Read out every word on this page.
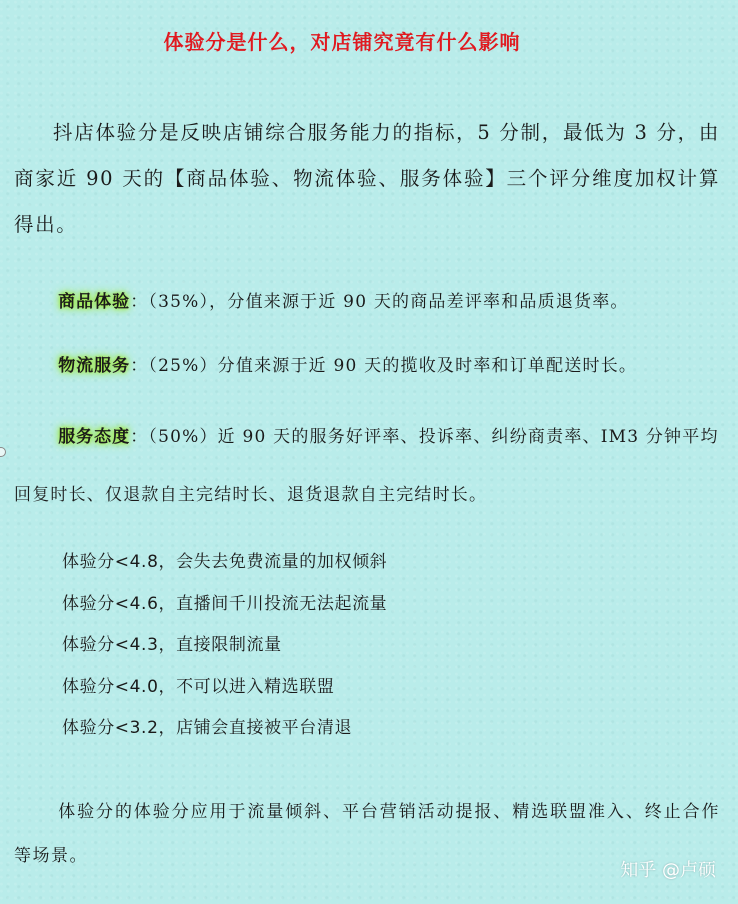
体验分是什么，对店铺究竟有什么影响
抖店体验分是反映店铺综合服务能力的指标，5 分制，最低为 3 分，由商家近 90 天的【商品体验、物流体验、服务体验】三个评分维度加权计算得出。
商品体验：（35%），分值来源于近 90 天的商品差评率和品质退货率。
物流服务：（25%）分值来源于近 90 天的揽收及时率和订单配送时长。
服务态度：（50%）近 90 天的服务好评率、投诉率、纠纷商责率、IM3 分钟平均回复时长、仅退款自主完结时长、退货退款自主完结时长。
体验分<4.8，会失去免费流量的加权倾斜
体验分<4.6，直播间千川投流无法起流量
体验分<4.3，直接限制流量
体验分<4.0，不可以进入精选联盟
体验分<3.2，店铺会直接被平台清退
体验分的体验分应用于流量倾斜、平台营销活动提报、精选联盟准入、终止合作等场景。
知乎 @卢硕
